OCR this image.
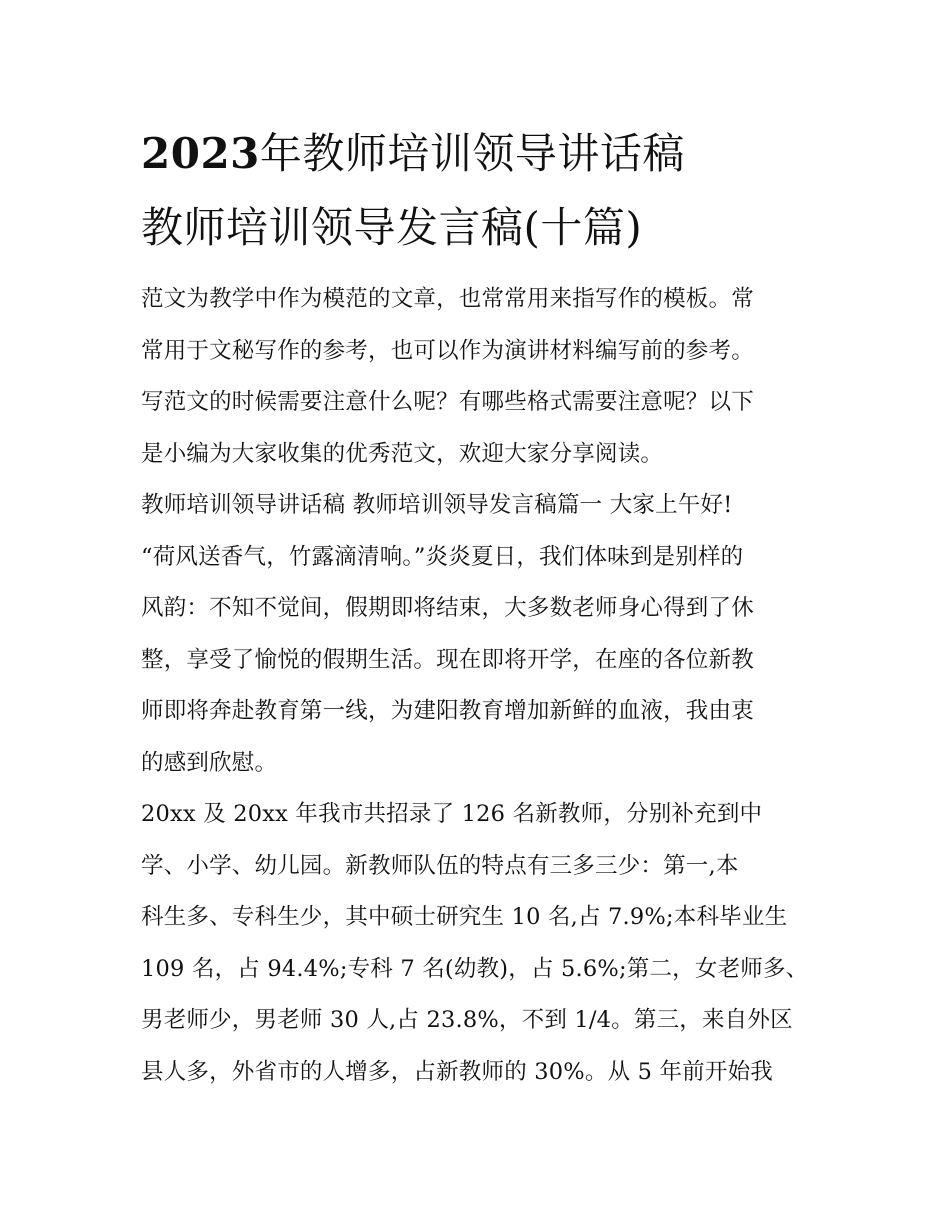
2023年教师培训领导讲话稿
教师培训领导发言稿(十篇)
范文为教学中作为模范的文章，也常常用来指写作的模板。常
常用于文秘写作的参考，也可以作为演讲材料编写前的参考。
写范文的时候需要注意什么呢？有哪些格式需要注意呢？以下
是小编为大家收集的优秀范文，欢迎大家分享阅读。
教师培训领导讲话稿 教师培训领导发言稿篇一 大家上午好!
“荷风送香气，竹露滴清响。”炎炎夏日，我们体味到是别样的
风韵：不知不觉间，假期即将结束，大多数老师身心得到了休
整，享受了愉悦的假期生活。现在即将开学，在座的各位新教
师即将奔赴教育第一线，为建阳教育增加新鲜的血液，我由衷
的感到欣慰。
20xx 及 20xx 年我市共招录了 126 名新教师，分别补充到中
学、小学、幼儿园。新教师队伍的特点有三多三少：第一,本
科生多、专科生少，其中硕士研究生 10 名,占 7.9%;本科毕业生
109 名，占 94.4%;专科 7 名(幼教)，占 5.6%;第二，女老师多、
男老师少，男老师 30 人,占 23.8%，不到 1/4。第三，来自外区
县人多，外省市的人增多，占新教师的 30%。从 5 年前开始我
